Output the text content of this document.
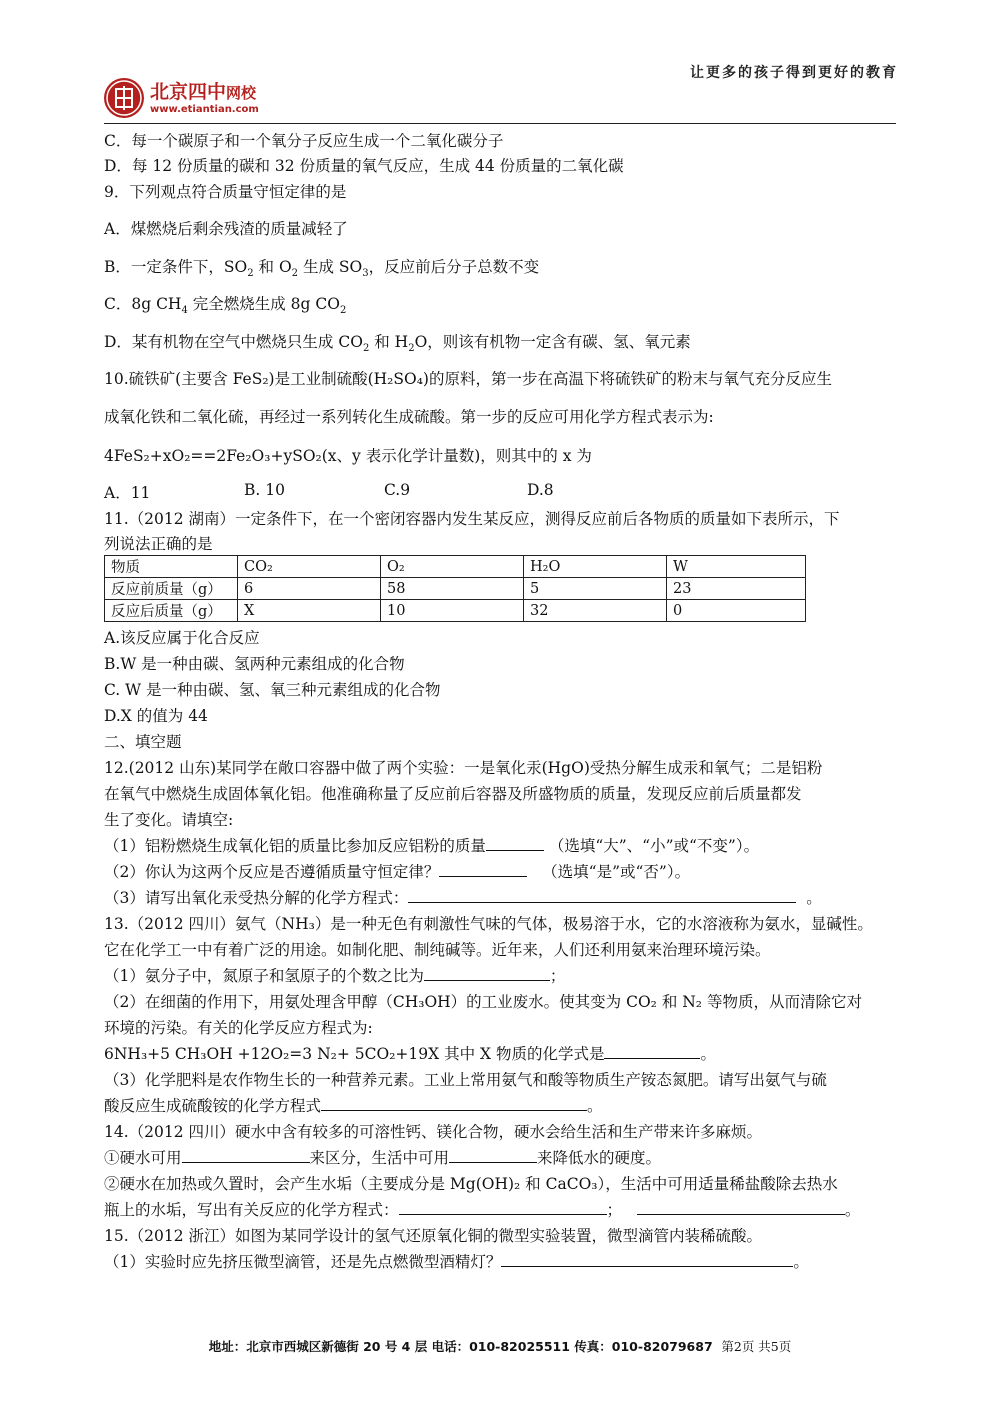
让更多的孩子得到更好的教育
北京四中网校
www.etiantian.com
C．每一个碳原子和一个氧分子反应生成一个二氧化碳分子
D．每 12 份质量的碳和 32 份质量的氧气反应，生成 44 份质量的二氧化碳
9．下列观点符合质量守恒定律的是
A．煤燃烧后剩余残渣的质量减轻了
B．一定条件下，$SO_2$ 和 $O_2$ 生成 $SO_3$，反应前后分子总数不变
C．8g $CH_4$ 完全燃烧生成 8g $CO_2$
D．某有机物在空气中燃烧只生成 $CO_2$ 和 $H_2O$，则该有机物一定含有碳、氢、氧元素
10.硫铁矿(主要含 FeS₂)是工业制硫酸(H₂SO₄)的原料，第一步在高温下将硫铁矿的粉末与氧气充分反应生
成氧化铁和二氧化硫，再经过一系列转化生成硫酸。第一步的反应可用化学方程式表示为:
4FeS₂+xO₂==2Fe₂O₃+ySO₂(x、y 表示化学计量数)，则其中的 x 为
A．11	B. 10	C.9	D.8
11.（2012 湖南）一定条件下，在一个密闭容器内发生某反应，测得反应前后各物质的质量如下表所示，下
列说法正确的是
物质	CO₂	O₂	H₂O	W
反应前质量（g）	6	58	5	23
反应后质量（g）	X	10	32	0
A.该反应属于化合反应
B.W 是一种由碳、氢两种元素组成的化合物
C. W 是一种由碳、氢、氧三种元素组成的化合物
D.X 的值为 44
二、填空题
12.(2012 山东)某同学在敞口容器中做了两个实验：一是氧化汞(HgO)受热分解生成汞和氧气；二是铝粉
在氧气中燃烧生成固体氧化铝。他准确称量了反应前后容器及所盛物质的质量，发现反应前后质量都发
生了变化。请填空:
（1）铝粉燃烧生成氧化铝的质量比参加反应铝粉的质量	（选填“大”、“小”或“不变”）。
（2）你认为这两个反应是否遵循质量守恒定律？	（选填“是”或“否”）。
（3）请写出氧化汞受热分解的化学方程式：	。
13.（2012 四川）氨气（NH₃）是一种无色有刺激性气味的气体，极易溶于水，它的水溶液称为氨水，显碱性。
它在化学工一中有着广泛的用途。如制化肥、制纯碱等。近年来，人们还利用氨来治理环境污染。
（1）氨分子中，氮原子和氢原子的个数之比为	；
（2）在细菌的作用下，用氨处理含甲醇（CH₃OH）的工业废水。使其变为 CO₂ 和 N₂ 等物质，从而清除它对
环境的污染。有关的化学反应方程式为:
6NH₃+5 CH₃OH +12O₂=3 N₂+ 5CO₂+19X 其中 X 物质的化学式是	。
（3）化学肥料是农作物生长的一种营养元素。工业上常用氨气和酸等物质生产铵态氮肥。请写出氨气与硫
酸反应生成硫酸铵的化学方程式	。
14.（2012 四川）硬水中含有较多的可溶性钙、镁化合物，硬水会给生活和生产带来许多麻烦。
①硬水可用	来区分，生活中可用	来降低水的硬度。
②硬水在加热或久置时，会产生水垢（主要成分是 Mg(OH)₂ 和 CaCO₃），生活中可用适量稀盐酸除去热水
瓶上的水垢，写出有关反应的化学方程式：	；	。
15.（2012 浙江）如图为某同学设计的氢气还原氧化铜的微型实验装置，微型滴管内装稀硫酸。
（1）实验时应先挤压微型滴管，还是先点燃微型酒精灯？	。
地址：北京市西城区新德街 20 号 4 层 电话：010-82025511 传真：010-82079687 第2页 共5页
